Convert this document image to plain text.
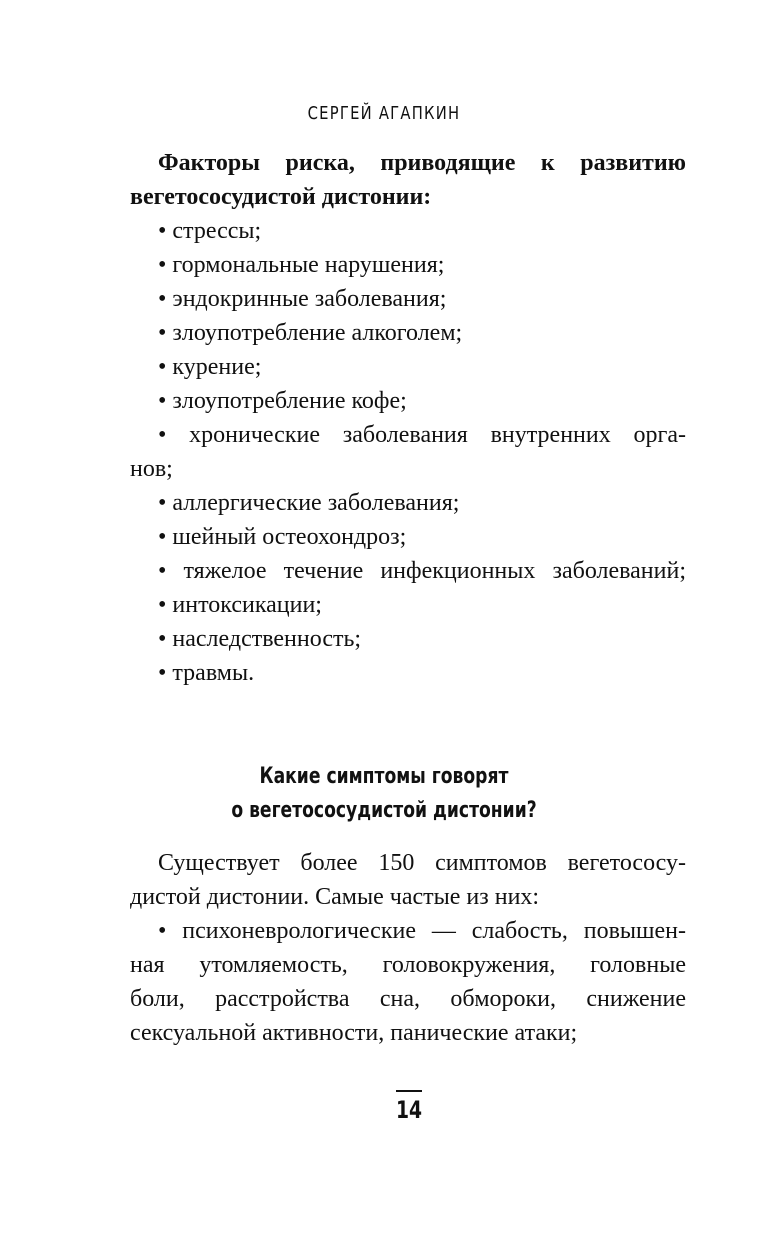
СЕРГЕЙ АГАПКИН
Факторы риска, приводящие к развитию
вегетососудистой дистонии:
• стрессы;
• гормональные нарушения;
• эндокринные заболевания;
• злоупотребление алкоголем;
• курение;
• злоупотребление кофе;
• хронические заболевания внутренних орга-
нов;
• аллергические заболевания;
• шейный остеохондроз;
• тяжелое течение инфекционных заболеваний;
• интоксикации;
• наследственность;
• травмы.
Какие симптомы говорят
о вегетососудистой дистонии?
Существует более 150 симптомов вегетососу-
дистой дистонии. Самые частые из них:
• психоневрологические — слабость, повышен-
ная утомляемость, головокружения, головные
боли, расстройства сна, обмороки, снижение
сексуальной активности, панические атаки;
14
